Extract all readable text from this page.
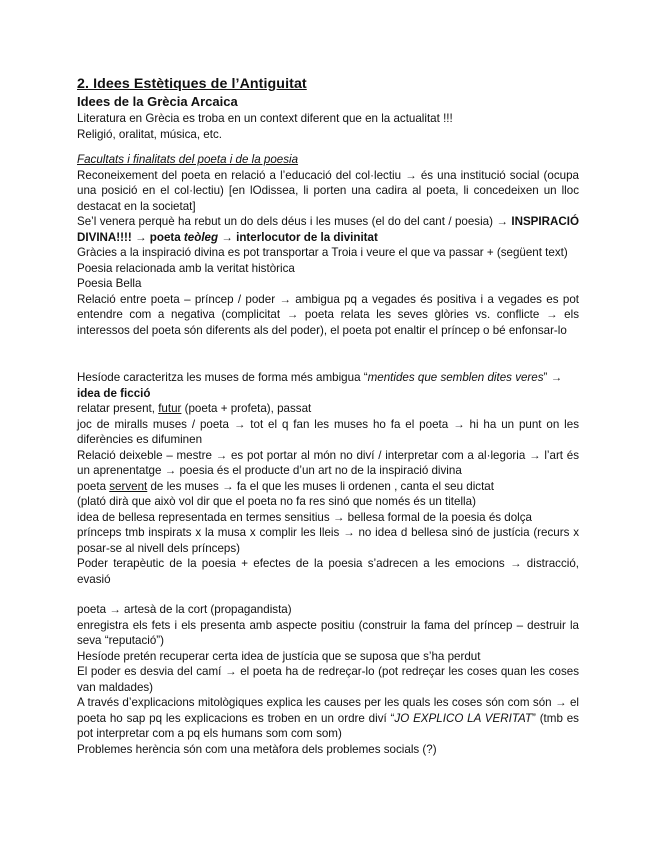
2. Idees Estètiques de l’Antiguitat
Idees de la Grècia Arcaica

Literatura en Grècia es troba en un context diferent que en la actualitat !!!

Religió, oralitat, música, etc.

Facultats i finalitats del poeta i de la poesia

Reconeixement del poeta en relació a l’educació del col·lectiu → és una institució social (ocupa una posició en el col·lectiu) [en lOdissea, li porten una cadira al poeta, li concedeixen un lloc destacat en la societat]

Se’l venera perquè ha rebut un do dels déus i les muses (el do del cant / poesia) → INSPIRACIÓ DIVINA!!!! → poeta teòleg → interlocutor de la divinitat

Gràcies a la inspiració divina es pot transportar a Troia i veure el que va passar + (següent text)

Poesia relacionada amb la veritat històrica

Poesia Bella

Relació entre poeta – príncep / poder → ambigua pq a vegades és positiva i a vegades es pot entendre com a negativa (complicitat → poeta relata les seves glòries vs. conflicte → els interessos del poeta són diferents als del poder), el poeta pot enaltir el príncep o bé enfonsar-lo

Hesíode caracteritza les muses de forma més ambigua “mentides que semblen dites veres” →
idea de ficció

relatar present, futur (poeta + profeta), passat

joc de miralls muses / poeta → tot el q fan les muses ho fa el poeta → hi ha un punt on les diferències es difuminen

Relació deixeble – mestre → es pot portar al món no diví / interpretar com a al·legoria → l’art és un aprenentatge → poesia és el producte d’un art no de la inspiració divina

poeta servent de les muses → fa el que les muses li ordenen , canta el seu dictat

(plató dirà que això vol dir que el poeta no fa res sinó que només és un titella)

idea de bellesa representada en termes sensitius → bellesa formal de la poesia és dolça

prínceps tmb inspirats x la musa x complir les lleis → no idea d bellesa sinó de justícia (recurs x posar-se al nivell dels prínceps)

Poder terapèutic de la poesia + efectes de la poesia s’adrecen a les emocions → distracció, evasió

poeta → artesà de la cort (propagandista)

enregistra els fets i els presenta amb aspecte positiu (construir la fama del príncep – destruir la seva “reputació”)

Hesíode pretén recuperar certa idea de justícia que se suposa que s’ha perdut

El poder es desvia del camí → el poeta ha de redreçar-lo (pot redreçar les coses quan les coses van maldades)

A través d’explicacions mitològiques explica les causes per les quals les coses són com són → el poeta ho sap pq les explicacions es troben en un ordre diví “JO EXPLICO LA VERITAT” (tmb es pot interpretar com a pq els humans som com som)

Problemes herència són com una metàfora dels problemes socials (?)
